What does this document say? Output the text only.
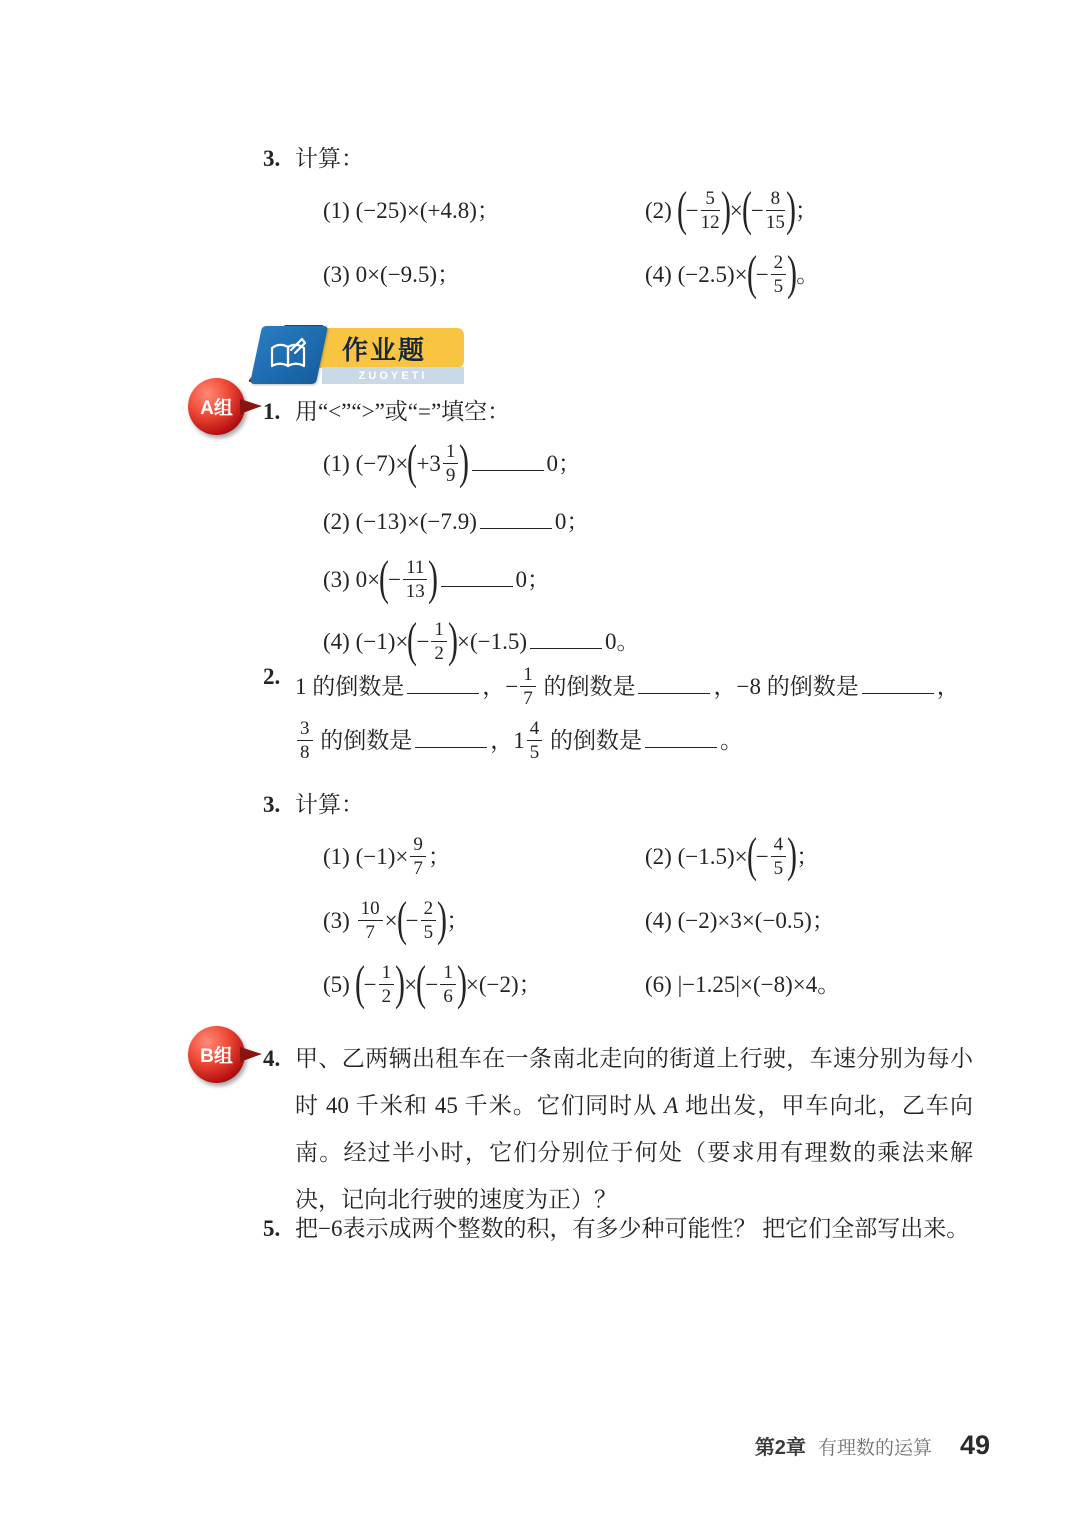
3. 计算：
(1) (−25)×(+4.8)；	(2) (− $\frac{5}{12}$ )×(− $\frac{8}{15}$ )；
(3) 0×(−9.5)；	(4) $(-2.5)\times(- \frac{2}{5}$ )。
ZUOYETI
作业题
A组 1. 用“<”“>”或“=”填空：
(1) $(-7)\times(+3 \frac{1}{9}$ )	0；
(2) (−13)×(−7.9)	0；
(3) $0\times(- \frac{11}{13}$ )	0；
(4) $(-1)\times(- \frac{1}{2} )\times(-1.5)$	0。
2. 1 的倒数是	，− $\frac{1}{7}$ 的倒数是	，−8 的倒数是	，
$\frac{3}{8}$ 的倒数是	，$1 \frac{4}{5}$ 的倒数是	。
3. 计算：
(1) $(-1)\times \frac{9}{7}$ ；	(2) $(-1.5)\times(- \frac{4}{5}$ )；
$(3) \frac{10}{7}$ ×(− $\frac{2}{5}$ )；	(4) (−2)×3×(−0.5)；
(5) (− $\frac{1}{2}$ )×(− $\frac{1}{6} )\times(-2)$；	(6) |−1.25|×(−8)×4。
B组 4. 甲、乙两辆出租车在一条南北走向的街道上行驶，车速分别为每小时 40 千米和 45 千米。它们同时从 A 地出发，甲车向北，乙车向南。经过半小时，它们分别位于何处（要求用有理数的乘法来解决，记向北行驶的速度为正）？
5. 把−6表示成两个整数的积，有多少种可能性？ 把它们全部写出来。
第2章 有理数的运算 49
